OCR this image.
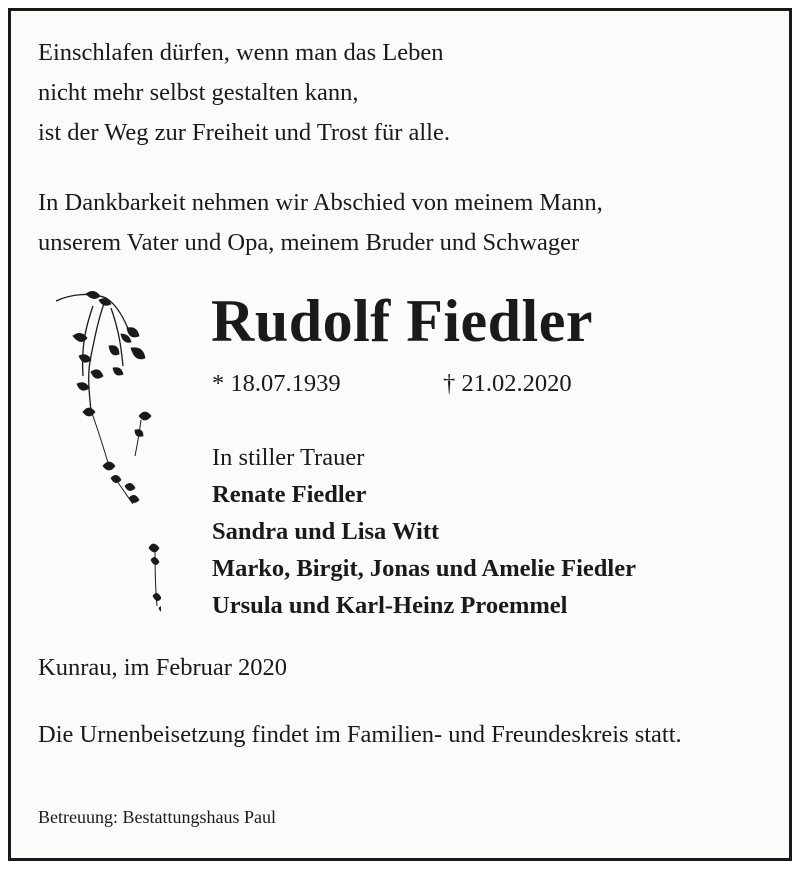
Einschlafen dürfen, wenn man das Leben
nicht mehr selbst gestalten kann,
ist der Weg zur Freiheit und Trost für alle.
In Dankbarkeit nehmen wir Abschied von meinem Mann,
unserem Vater und Opa, meinem Bruder und Schwager
Rudolf Fiedler
* 18.07.1939	† 21.02.2020
In stiller Trauer
Renate Fiedler
Sandra und Lisa Witt
Marko, Birgit, Jonas und Amelie Fiedler
Ursula und Karl-Heinz Proemmel
Kunrau, im Februar 2020
Die Urnenbeisetzung findet im Familien- und Freundeskreis statt.
Betreuung: Bestattungshaus Paul
